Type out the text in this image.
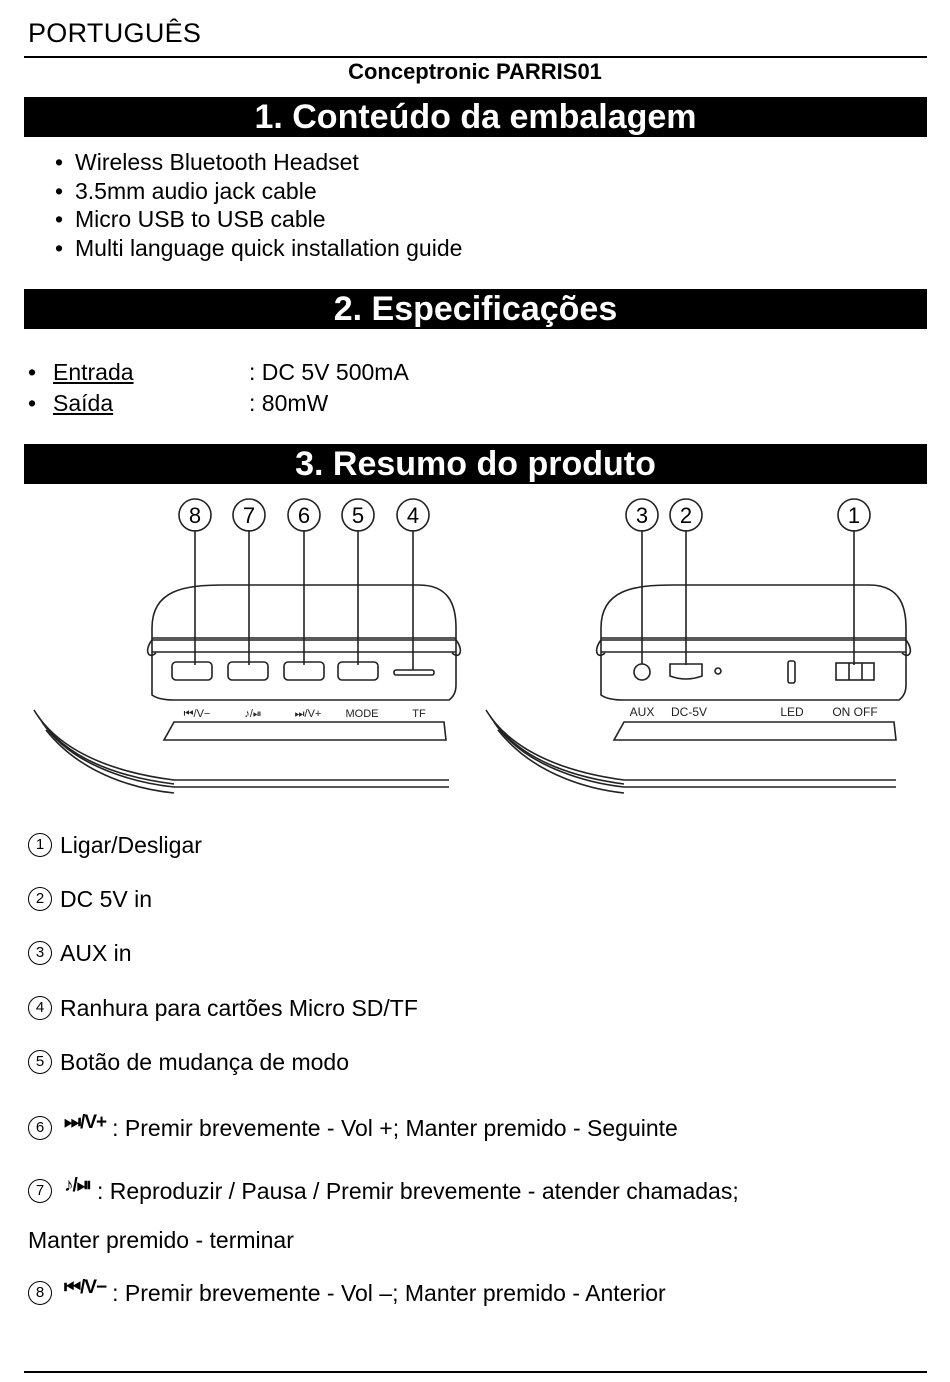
PORTUGUÊS
Conceptronic PARRIS01
1. Conteúdo da embalagem
• Wireless Bluetooth Headset
• 3.5mm audio jack cable
• Micro USB to USB cable
• Multi language quick installation guide
2. Especificações
• Entrada	: DC 5V 500mA
• Saída	: 80mW
3. Resumo do produto
8 7 6 5 4
⏮/V−	♪/⏯	⏭/V+ MODE	TF
3 2	1
AUX DC-5V	LED ON OFF
1 Ligar/Desligar
2 DC 5V in
3 AUX in
4 Ranhura para cartões Micro SD/TF
5 Botão de mudança de modo
6 $^{⏭/V+}$ : Premir brevemente - Vol +; Manter premido - Seguinte
7 ♪/⏯ : Reproduzir / Pausa / Premir brevemente - atender chamadas;
Manter premido - terminar
8 $^{⏮/V-}$ : Premir brevemente - Vol –; Manter premido - Anterior
